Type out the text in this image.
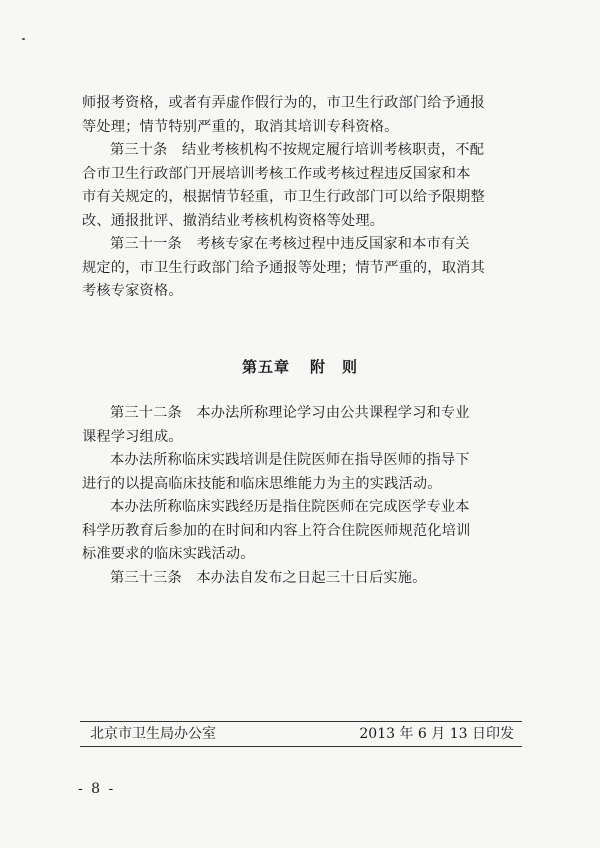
师报考资格，或者有弄虚作假行为的，市卫生行政部门给予通报

等处理；情节特别严重的，取消其培训专科资格。

第三十条　结业考核机构不按规定履行培训考核职责，不配

合市卫生行政部门开展培训考核工作或考核过程违反国家和本

市有关规定的，根据情节轻重，市卫生行政部门可以给予限期整

改、通报批评、撤消结业考核机构资格等处理。

第三十一条　考核专家在考核过程中违反国家和本市有关

规定的，市卫生行政部门给予通报等处理；情节严重的，取消其

考核专家资格。

第五章 附　则

第三十二条　本办法所称理论学习由公共课程学习和专业

课程学习组成。

本办法所称临床实践培训是住院医师在指导医师的指导下

进行的以提高临床技能和临床思维能力为主的实践活动。

本办法所称临床实践经历是指住院医师在完成医学专业本

科学历教育后参加的在时间和内容上符合住院医师规范化培训

标准要求的临床实践活动。

第三十三条　本办法自发布之日起三十日后实施。

北京市卫生局办公室	2013 年 6 月 13 日印发
- 8 -
